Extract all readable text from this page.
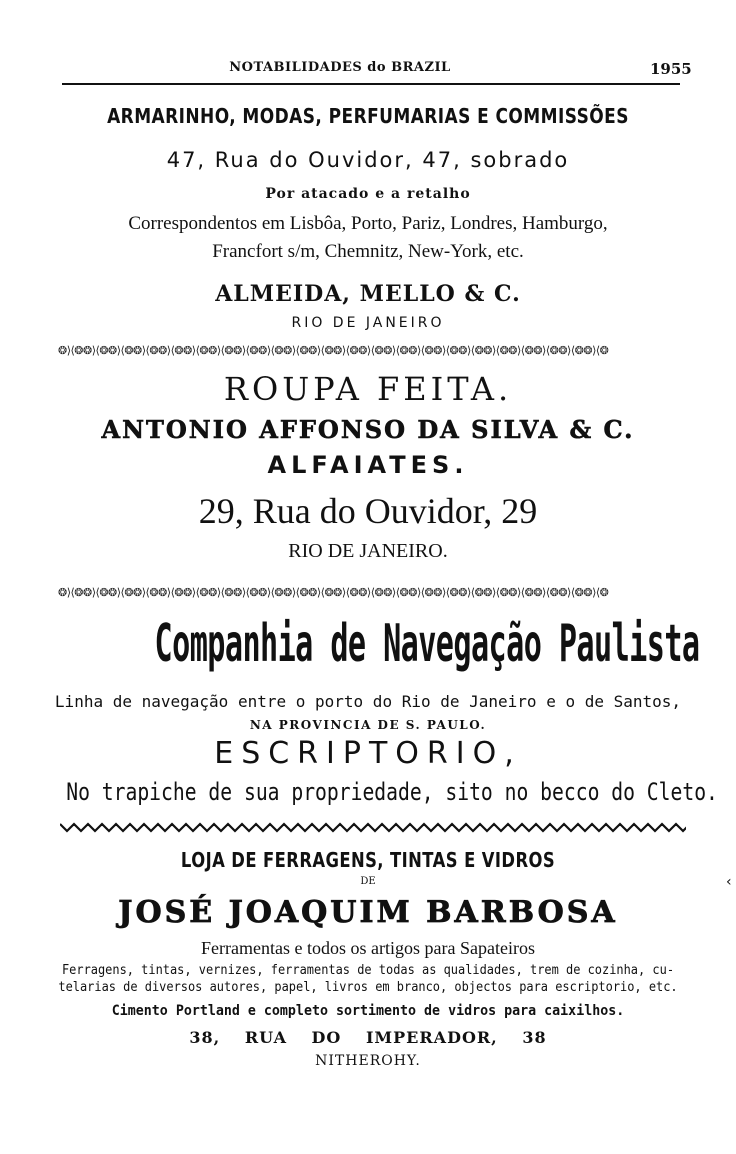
NOTABILIDADES do BRAZIL	1955
ARMARINHO, MODAS, PERFUMARIAS E COMMISSÕES
47, Rua do Ouvidor, 47, sobrado
Por atacado e a retalho
Correspondentos em Lisbôa, Porto, Pariz, Londres, Hamburgo,
Francfort s/m, Chemnitz, New-York, etc.
ALMEIDA, MELLO & C.
RIO DE JANEIRO
❂⟩⟨❂❂⟩⟨❂❂⟩⟨❂❂⟩⟨❂❂⟩⟨❂❂⟩⟨❂❂⟩⟨❂❂⟩⟨❂❂⟩⟨❂❂⟩⟨❂❂⟩⟨❂❂⟩⟨❂❂⟩⟨❂❂⟩⟨❂❂⟩⟨❂❂⟩⟨❂❂⟩⟨❂❂⟩⟨❂❂⟩⟨❂❂⟩⟨❂❂⟩⟨❂❂⟩⟨❂
ROUPA FEITA.
ANTONIO AFFONSO DA SILVA & C.
ALFAIATES.
29, Rua do Ouvidor, 29
RIO DE JANEIRO.
❂⟩⟨❂❂⟩⟨❂❂⟩⟨❂❂⟩⟨❂❂⟩⟨❂❂⟩⟨❂❂⟩⟨❂❂⟩⟨❂❂⟩⟨❂❂⟩⟨❂❂⟩⟨❂❂⟩⟨❂❂⟩⟨❂❂⟩⟨❂❂⟩⟨❂❂⟩⟨❂❂⟩⟨❂❂⟩⟨❂❂⟩⟨❂❂⟩⟨❂❂⟩⟨❂❂⟩⟨❂
Companhia de Navegação Paulista
Linha de navegação entre o porto do Rio de Janeiro e o de Santos,
NA PROVINCIA DE S. PAULO.
ESCRIPTORIO,
No trapiche de sua propriedade, sito no becco do Cleto.
LOJA DE FERRAGENS, TINTAS E VIDROS
DE
JOSÉ JOAQUIM BARBOSA
Ferramentas e todos os artigos para Sapateiros
Ferragens, tintas, vernizes, ferramentas de todas as qualidades, trem de cozinha, cu-
telarias de diversos autores, papel, livros em branco, objectos para escriptorio, etc.
Cimento Portland e completo sortimento de vidros para caixilhos.
38, RUA DO IMPERADOR, 38
NITHEROHY.
‹
